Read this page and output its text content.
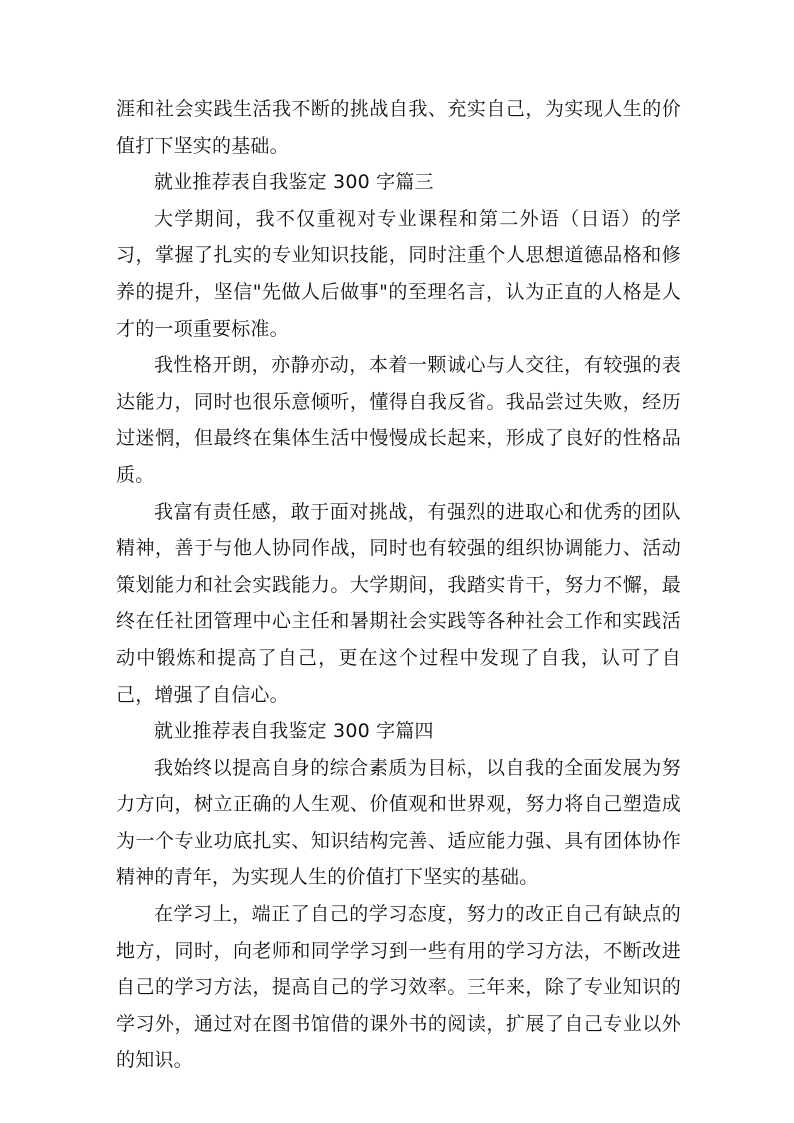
涯和社会实践生活我不断的挑战自我、充实自己，为实现人生的价值打下坚实的基础。

就业推荐表自我鉴定 300 字篇三

大学期间，我不仅重视对专业课程和第二外语（日语）的学习，掌握了扎实的专业知识技能，同时注重个人思想道德品格和修养的提升，坚信"先做人后做事"的至理名言，认为正直的人格是人才的一项重要标准。

我性格开朗，亦静亦动，本着一颗诚心与人交往，有较强的表达能力，同时也很乐意倾听，懂得自我反省。我品尝过失败，经历过迷惘，但最终在集体生活中慢慢成长起来，形成了良好的性格品质。

我富有责任感，敢于面对挑战，有强烈的进取心和优秀的团队精神，善于与他人协同作战，同时也有较强的组织协调能力、活动策划能力和社会实践能力。大学期间，我踏实肯干，努力不懈，最终在任社团管理中心主任和暑期社会实践等各种社会工作和实践活动中锻炼和提高了自己，更在这个过程中发现了自我，认可了自己，增强了自信心。

就业推荐表自我鉴定 300 字篇四

我始终以提高自身的综合素质为目标，以自我的全面发展为努力方向，树立正确的人生观、价值观和世界观，努力将自己塑造成为一个专业功底扎实、知识结构完善、适应能力强、具有团体协作精神的青年，为实现人生的价值打下坚实的基础。

在学习上，端正了自己的学习态度，努力的改正自己有缺点的地方，同时，向老师和同学学习到一些有用的学习方法，不断改进自己的学习方法，提高自己的学习效率。三年来，除了专业知识的学习外，通过对在图书馆借的课外书的阅读，扩展了自己专业以外的知识。
